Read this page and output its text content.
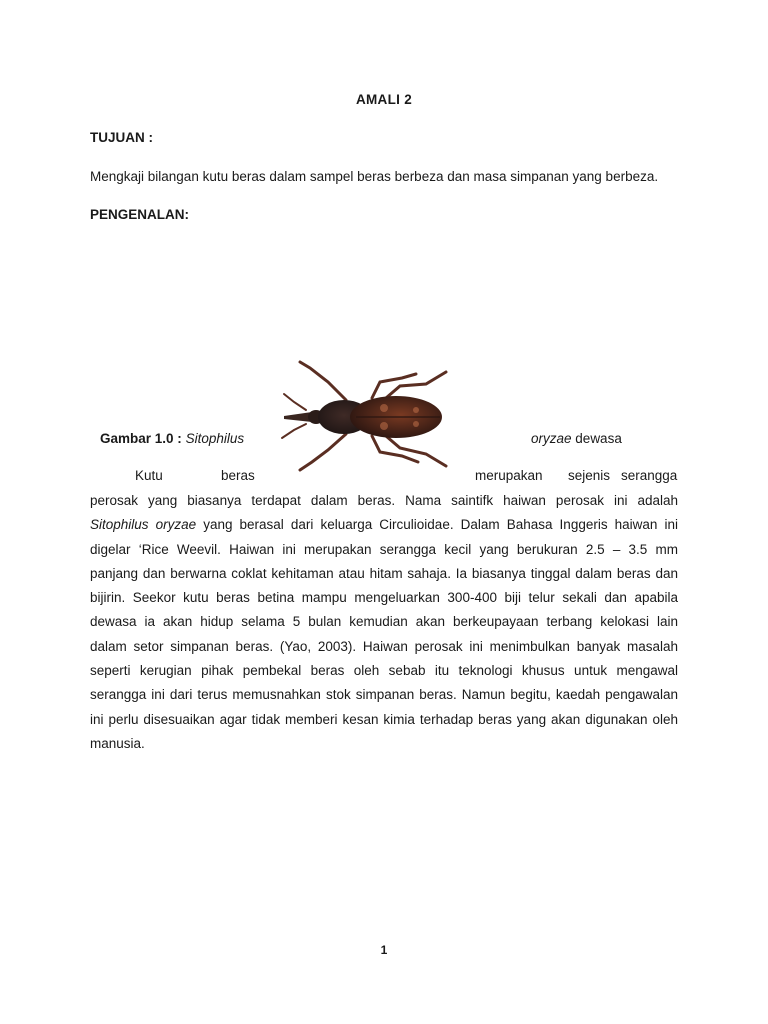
AMALI 2
TUJUAN :
Mengkaji bilangan kutu beras dalam sampel beras berbeza dan masa simpanan yang berbeza.
PENGENALAN:
Gambar 1.0 : Sitophilus	oryzae dewasa
Kutu	beras	merupakan sejenis serangga
perosak yang biasanya terdapat dalam beras. Nama saintifk haiwan perosak ini adalah
Sitophilus oryzae yang berasal dari keluarga Circulioidae. Dalam Bahasa Inggeris haiwan ini
digelar ‘Rice Weevil. Haiwan ini merupakan serangga kecil yang berukuran 2.5 – 3.5 mm
panjang dan berwarna coklat kehitaman atau hitam sahaja. Ia biasanya tinggal dalam beras dan
bijirin. Seekor kutu beras betina mampu mengeluarkan 300-400 biji telur sekali dan apabila
dewasa ia akan hidup selama 5 bulan kemudian akan berkeupayaan terbang kelokasi lain
dalam setor simpanan beras. (Yao, 2003). Haiwan perosak ini menimbulkan banyak masalah
seperti kerugian pihak pembekal beras oleh sebab itu teknologi khusus untuk mengawal
serangga ini dari terus memusnahkan stok simpanan beras. Namun begitu, kaedah pengawalan
ini perlu disesuaikan agar tidak memberi kesan kimia terhadap beras yang akan digunakan oleh
manusia.
1
